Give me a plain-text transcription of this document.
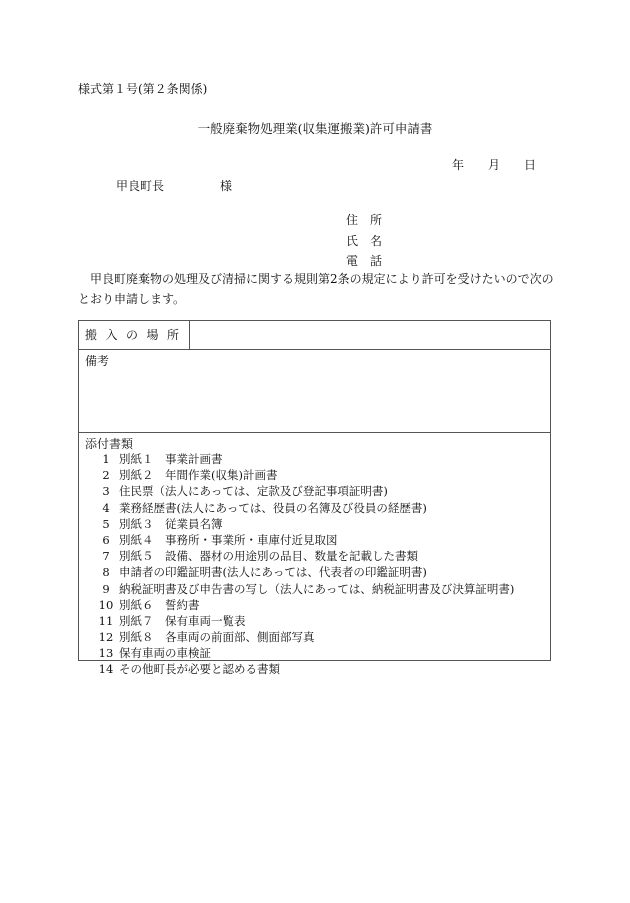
様式第１号(第２条関係)
一般廃棄物処理業(収集運搬業)許可申請書
年 月 日
甲良町長	様
住　所
氏　名
電　話
甲良町廃棄物の処理及び清掃に関する規則第2条の規定により許可を受けたいので次のとおり申請します。
搬入の場所
備考
添付書類
1 別紙１　事業計画書
2 別紙２　年間作業(収集)計画書
3 住民票（法人にあっては、定款及び登記事項証明書)
4 業務経歴書(法人にあっては、役員の名簿及び役員の経歴書)
5 別紙３　従業員名簿
6 別紙４　事務所・事業所・車庫付近見取図
7 別紙５　設備、器材の用途別の品目、数量を記載した書類
8 申請者の印鑑証明書(法人にあっては、代表者の印鑑証明書)
9 納税証明書及び申告書の写し（法人にあっては、納税証明書及び決算証明書)
10 別紙６　誓約書
11 別紙７　保有車両一覧表
12 別紙８　各車両の前面部、側面部写真
13 保有車両の車検証
14 その他町長が必要と認める書類
